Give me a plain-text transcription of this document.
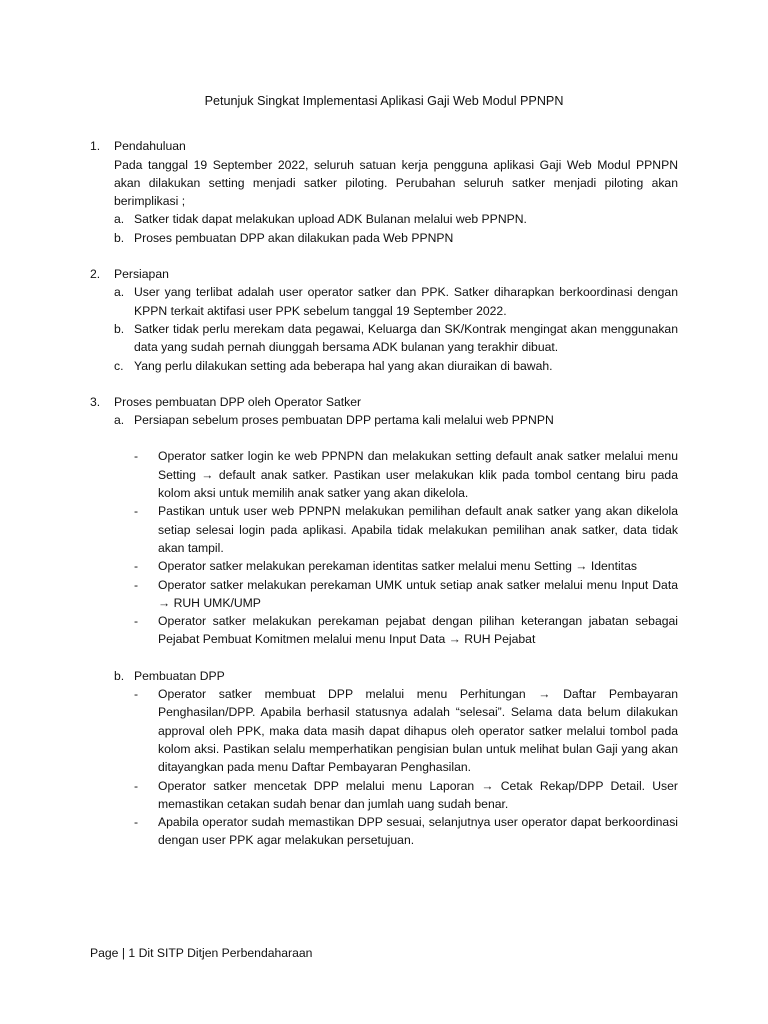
Petunjuk Singkat Implementasi Aplikasi Gaji Web Modul PPNPN
1.	Pendahuluan
Pada tanggal 19 September 2022, seluruh satuan kerja pengguna aplikasi Gaji Web Modul PPNPN akan dilakukan setting menjadi satker piloting. Perubahan seluruh satker menjadi piloting akan berimplikasi ;
a. Satker tidak dapat melakukan upload ADK Bulanan melalui web PPNPN.
b. Proses pembuatan DPP akan dilakukan pada Web PPNPN
2.	Persiapan
a. User yang terlibat adalah user operator satker dan PPK. Satker diharapkan berkoordinasi dengan KPPN terkait aktifasi user PPK sebelum tanggal 19 September 2022.
b. Satker tidak perlu merekam data pegawai, Keluarga dan SK/Kontrak mengingat akan menggunakan data yang sudah pernah diunggah bersama ADK bulanan yang terakhir dibuat.
c. Yang perlu dilakukan setting ada beberapa hal yang akan diuraikan di bawah.
3.	Proses pembuatan DPP oleh Operator Satker
a. Persiapan sebelum proses pembuatan DPP pertama kali melalui web PPNPN
-	Operator satker login ke web PPNPN dan melakukan setting default anak satker melalui menu Setting → default anak satker. Pastikan user melakukan klik pada tombol centang biru pada kolom aksi untuk memilih anak satker yang akan dikelola.
-	Pastikan untuk user web PPNPN melakukan pemilihan default anak satker yang akan dikelola setiap selesai login pada aplikasi. Apabila tidak melakukan pemilihan anak satker, data tidak akan tampil.
-	Operator satker melakukan perekaman identitas satker melalui menu Setting → Identitas
-	Operator satker melakukan perekaman UMK untuk setiap anak satker melalui menu Input Data → RUH UMK/UMP
-	Operator satker melakukan perekaman pejabat dengan pilihan keterangan jabatan sebagai Pejabat Pembuat Komitmen melalui menu Input Data → RUH Pejabat
b. Pembuatan DPP
-	Operator satker membuat DPP melalui menu Perhitungan → Daftar Pembayaran Penghasilan/DPP. Apabila berhasil statusnya adalah “selesai”. Selama data belum dilakukan approval oleh PPK, maka data masih dapat dihapus oleh operator satker melalui tombol pada kolom aksi. Pastikan selalu memperhatikan pengisian bulan untuk melihat bulan Gaji yang akan ditayangkan pada menu Daftar Pembayaran Penghasilan.
-	Operator satker mencetak DPP melalui menu Laporan → Cetak Rekap/DPP Detail. User memastikan cetakan sudah benar dan jumlah uang sudah benar.
-	Apabila operator sudah memastikan DPP sesuai, selanjutnya user operator dapat berkoordinasi dengan user PPK agar melakukan persetujuan.
Page | 1 Dit SITP Ditjen Perbendaharaan
